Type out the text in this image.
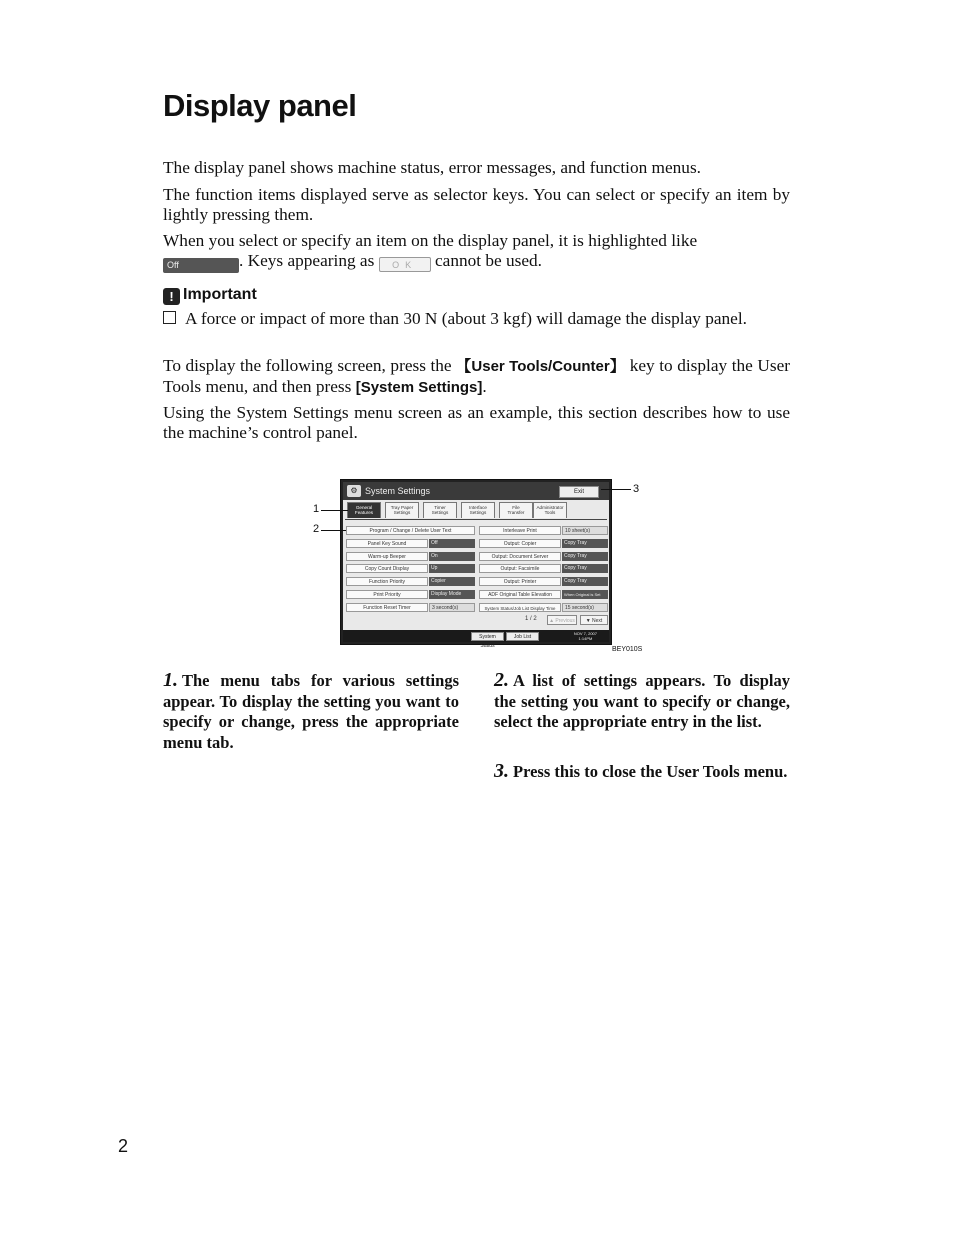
Display panel
The display panel shows machine status, error messages, and function menus.
The function items displayed serve as selector keys. You can select or specify an item by lightly pressing them.
When you select or specify an item on the display panel, it is highlighted like
Off	. Keys appearing as OK cannot be used.
! Important
A force or impact of more than 30 N (about 3 kgf) will damage the display panel.
To display the following screen, press the 【User Tools/Counter】 key to display the User Tools menu, and then press [System Settings].
Using the System Settings menu screen as an example, this section describes how to use the machine’s control panel.
⚙ System Settings	Exit
General
Features
Tray Paper
Settings
Timer
Settings
Interface
Settings
File
Transfer
Administrator
Tools
Program / Change / Delete User Text
Panel Key Sound	Off
Warm-up Beeper	On
Copy Count Display	Up
Function Priority	Copier
Print Priority	Display Mode
Function Reset Timer	3 second(s)
Interleave Print	10 sheet(s)
Output: Copier	Copy Tray
Output: Document Server	Copy Tray
Output: Facsimile	Copy Tray
Output: Printer	Copy Tray
ADF Original Table Elevation	When Original is Set
System Status/Job List Display Time	15 second(s)
1 / 2	▲ Previous	▼ Next
System Status
Job List
NOV 7, 2007
1:14PM
1
2
3
BEY010S
1. The menu tabs for various settings appear. To display the setting you want to specify or change, press the appropriate menu tab.
2. A list of settings appears. To display the setting you want to specify or change, select the appropriate entry in the list.
3. Press this to close the User Tools menu.
2
